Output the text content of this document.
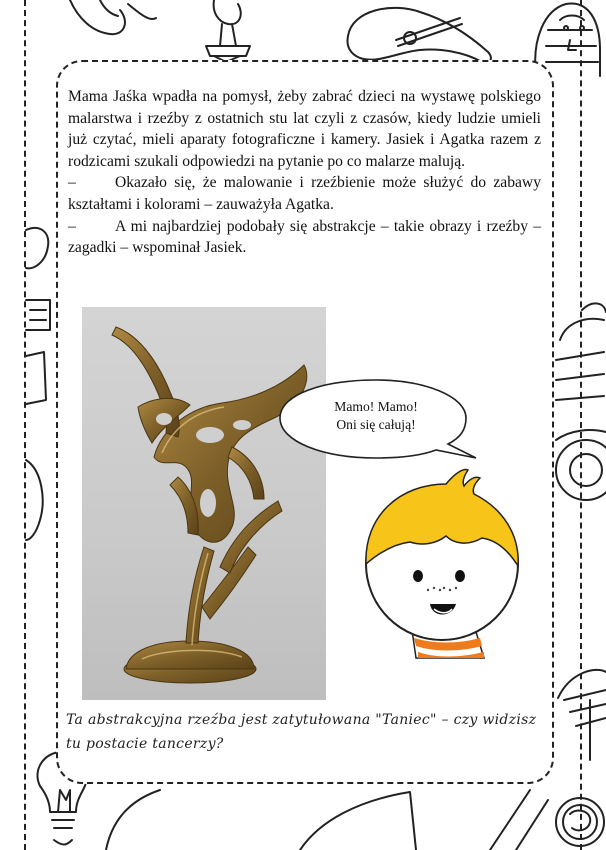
Mama Jaśka wpadła na pomysł, żeby zabrać dzieci na wystawę polskiego malarstwa i rzeźby z ostatnich stu lat czyli z czasów, kiedy ludzie umieli już czytać, mieli aparaty fotograficzne i kamery. Jasiek i Agatka razem z rodzicami szukali odpowiedzi na pytanie po co malarze malują.

–	Okazało się, że malowanie i rzeźbienie może służyć do zabawy kształtami i kolorami – zauważyła Agatka.

–	A mi najbardziej podobały się abstrakcje – takie obrazy i rzeźby – zagadki – wspominał Jasiek.

Mamo! Mamo!
Oni się całują!
Ta abstrakcyjna rzeźba jest zatytułowana "Taniec" – czy widzisz tu postacie tancerzy?
